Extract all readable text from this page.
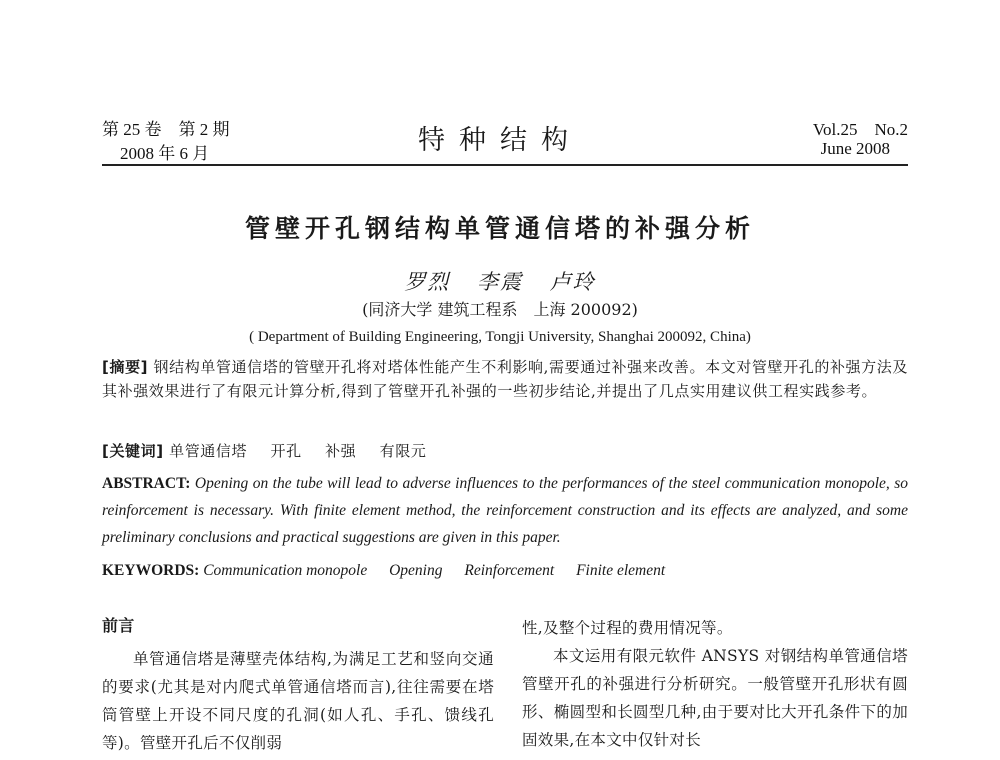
第 25 卷　第 2 期
2008 年 6 月	特种结构	Vol.25　No.2
June 2008
管壁开孔钢结构单管通信塔的补强分析
罗烈 李震 卢玲
(同济大学 建筑工程系　上海 200092)
( Department of Building Engineering, Tongji University, Shanghai 200092, China)
[摘要] 钢结构单管通信塔的管壁开孔将对塔体性能产生不利影响,需要通过补强来改善。本文对管壁开孔的补强方法及其补强效果进行了有限元计算分析,得到了管壁开孔补强的一些初步结论,并提出了几点实用建议供工程实践参考。
[关键词] 单管通信塔 开孔 补强 有限元
ABSTRACT: Opening on the tube will lead to adverse influences to the performances of the steel communication monopole, so reinforcement is necessary. With finite element method, the reinforcement construction and its effects are analyzed, and some preliminary conclusions and practical suggestions are given in this paper.
KEYWORDS: Communication monopole Opening Reinforcement Finite element
前言

单管通信塔是薄壁壳体结构,为满足工艺和竖向交通的要求(尤其是对内爬式单管通信塔而言),往往需要在塔筒管壁上开设不同尺度的孔洞(如人孔、手孔、馈线孔等)。管壁开孔后不仅削弱

性,及整个过程的费用情况等。

本文运用有限元软件 ANSYS 对钢结构单管通信塔管壁开孔的补强进行分析研究。一般管壁开孔形状有圆形、椭圆型和长圆型几种,由于要对比大开孔条件下的加固效果,在本文中仅针对长
